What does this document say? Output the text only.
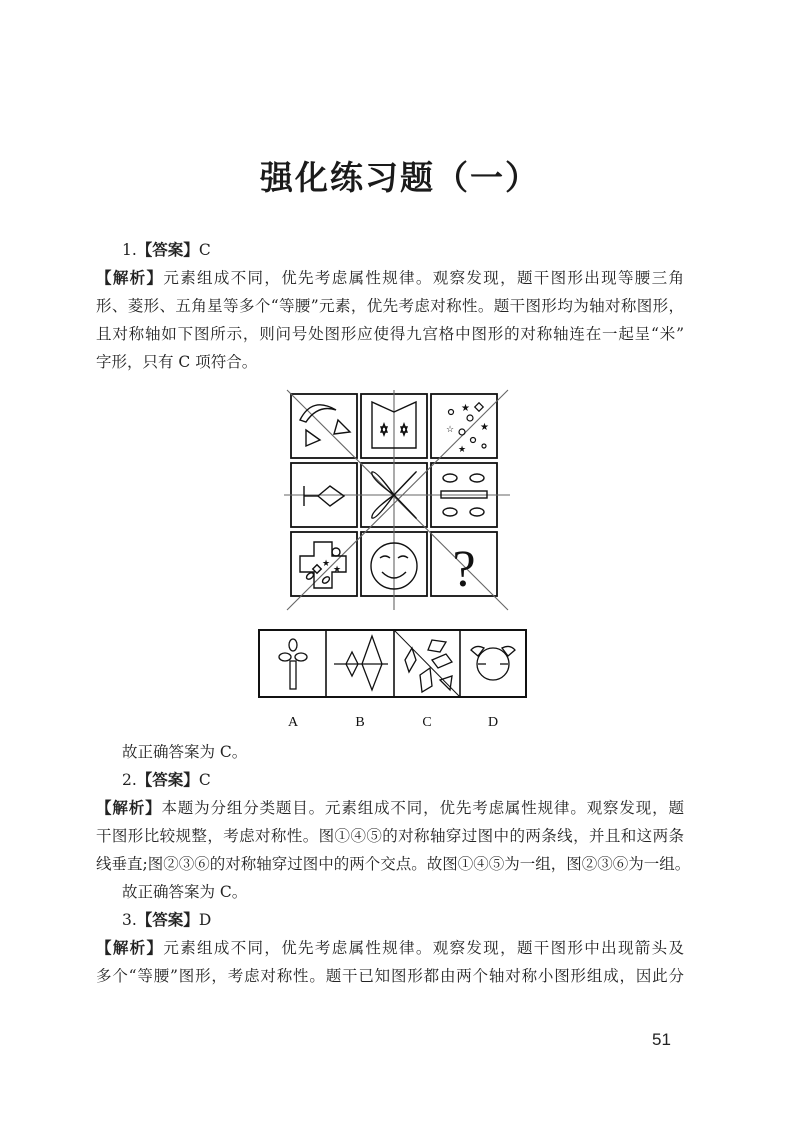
强化练习题（一）
1.【答案】C
【解析】元素组成不同，优先考虑属性规律。观察发现，题干图形出现等腰三角
形、菱形、五角星等多个“等腰”元素，优先考虑对称性。题干图形均为轴对称图形，
且对称轴如下图所示，则问号处图形应使得九宫格中图形的对称轴连在一起呈“米”
字形，只有 C 项符合。
★
★
☆
★
★
★ ?
A	B	C	D
故正确答案为 C。
2.【答案】C
【解析】本题为分组分类题目。元素组成不同，优先考虑属性规律。观察发现，题
干图形比较规整，考虑对称性。图①④⑤的对称轴穿过图中的两条线，并且和这两条
线垂直;图②③⑥的对称轴穿过图中的两个交点。故图①④⑤为一组，图②③⑥为一组。
故正确答案为 C。
3.【答案】D
【解析】元素组成不同，优先考虑属性规律。观察发现，题干图形中出现箭头及
多个“等腰”图形，考虑对称性。题干已知图形都由两个轴对称小图形组成，因此分
51
